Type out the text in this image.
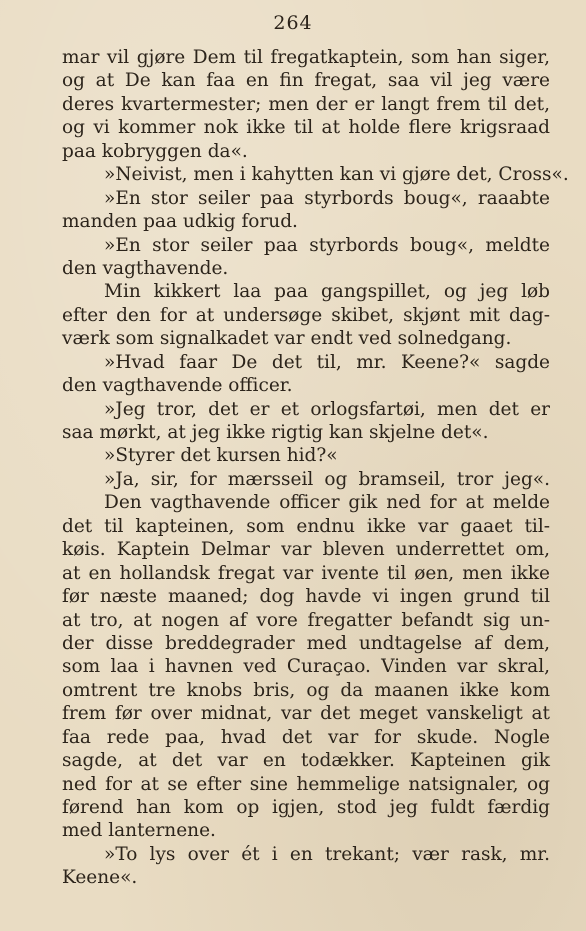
264
mar vil gjøre Dem til fregatkaptein, som han siger,
og at De kan faa en fin fregat, saa vil jeg være
deres kvartermester; men der er langt frem til det,
og vi kommer nok ikke til at holde flere krigsraad
paa kobryggen da«.
»Neivist, men i kahytten kan vi gjøre det, Cross«.
»En stor seiler paa styrbords boug«, raaabte
manden paa udkig forud.
»En stor seiler paa styrbords boug«, meldte
den vagthavende.
Min kikkert laa paa gangspillet, og jeg løb
efter den for at undersøge skibet, skjønt mit dag-
værk som signalkadet var endt ved solnedgang.
»Hvad faar De det til, mr. Keene?« sagde
den vagthavende officer.
»Jeg tror, det er et orlogsfartøi, men det er
saa mørkt, at jeg ikke rigtig kan skjelne det«.
»Styrer det kursen hid?«
»Ja, sir, for mærsseil og bramseil, tror jeg«.
Den vagthavende officer gik ned for at melde
det til kapteinen, som endnu ikke var gaaet til-
køis. Kaptein Delmar var bleven underrettet om,
at en hollandsk fregat var ivente til øen, men ikke
før næste maaned; dog havde vi ingen grund til
at tro, at nogen af vore fregatter befandt sig un-
der disse breddegrader med undtagelse af dem,
som laa i havnen ved Curaçao. Vinden var skral,
omtrent tre knobs bris, og da maanen ikke kom
frem før over midnat, var det meget vanskeligt at
faa rede paa, hvad det var for skude. Nogle
sagde, at det var en todækker. Kapteinen gik
ned for at se efter sine hemmelige natsignaler, og
førend han kom op igjen, stod jeg fuldt færdig
med lanternene.
»To lys over ét i en trekant; vær rask, mr.
Keene«.
